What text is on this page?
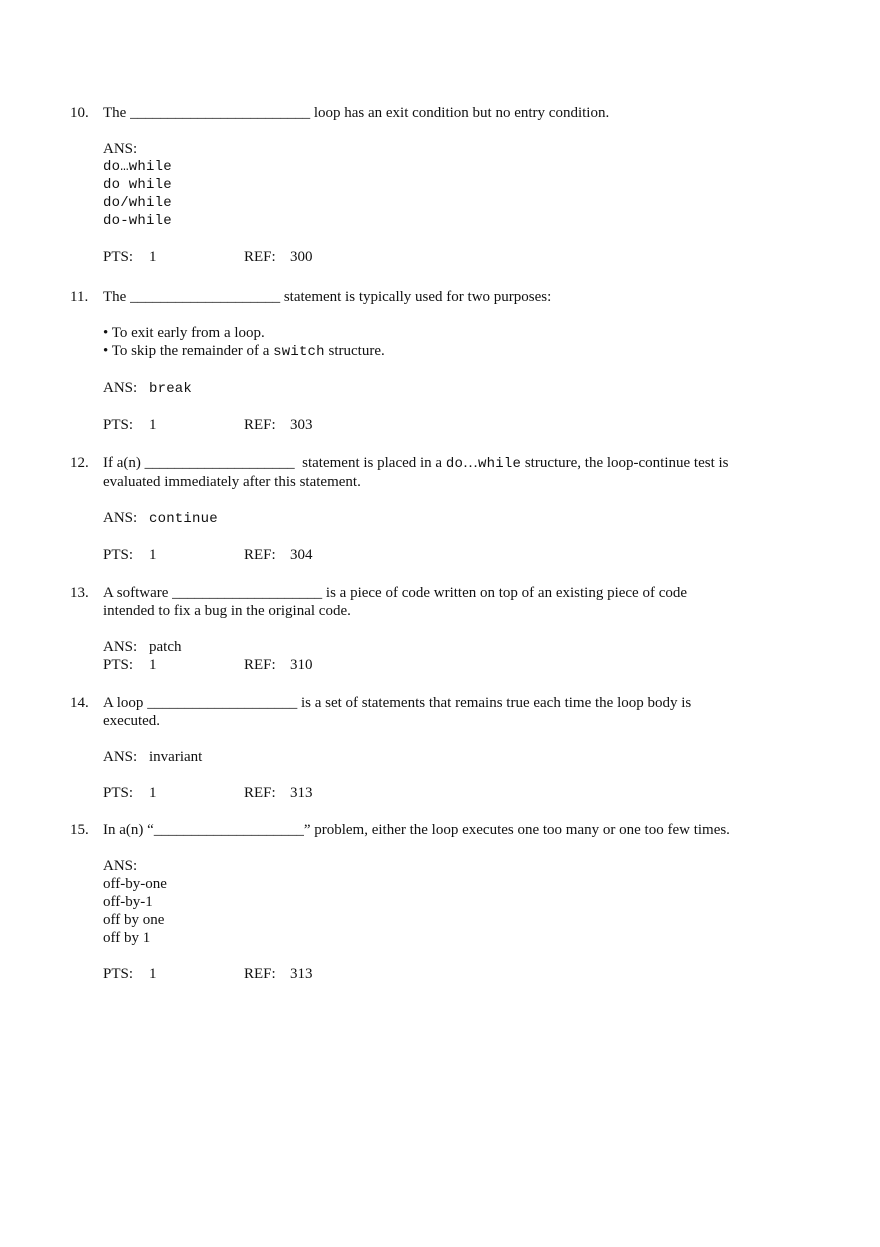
10. The ________________________ loop has an exit condition but no entry condition.
ANS:
do…while
do while
do/while
do-while
PTS: 1	REF: 300
11. The ____________________ statement is typically used for two purposes:
• To exit early from a loop.
• To skip the remainder of a switch structure.
ANS: break
PTS: 1	REF: 303
12. If a(n) ____________________  statement is placed in a do…while structure, the loop-continue test is
evaluated immediately after this statement.
ANS: continue
PTS: 1	REF: 304
13. A software ____________________ is a piece of code written on top of an existing piece of code
intended to fix a bug in the original code.
ANS: patch
PTS: 1	REF: 310
14. A loop ____________________ is a set of statements that remains true each time the loop body is
executed.
ANS: invariant
PTS: 1	REF: 313
15. In a(n) “____________________” problem, either the loop executes one too many or one too few times.
ANS:
off-by-one
off-by-1
off by one
off by 1
PTS: 1	REF: 313
